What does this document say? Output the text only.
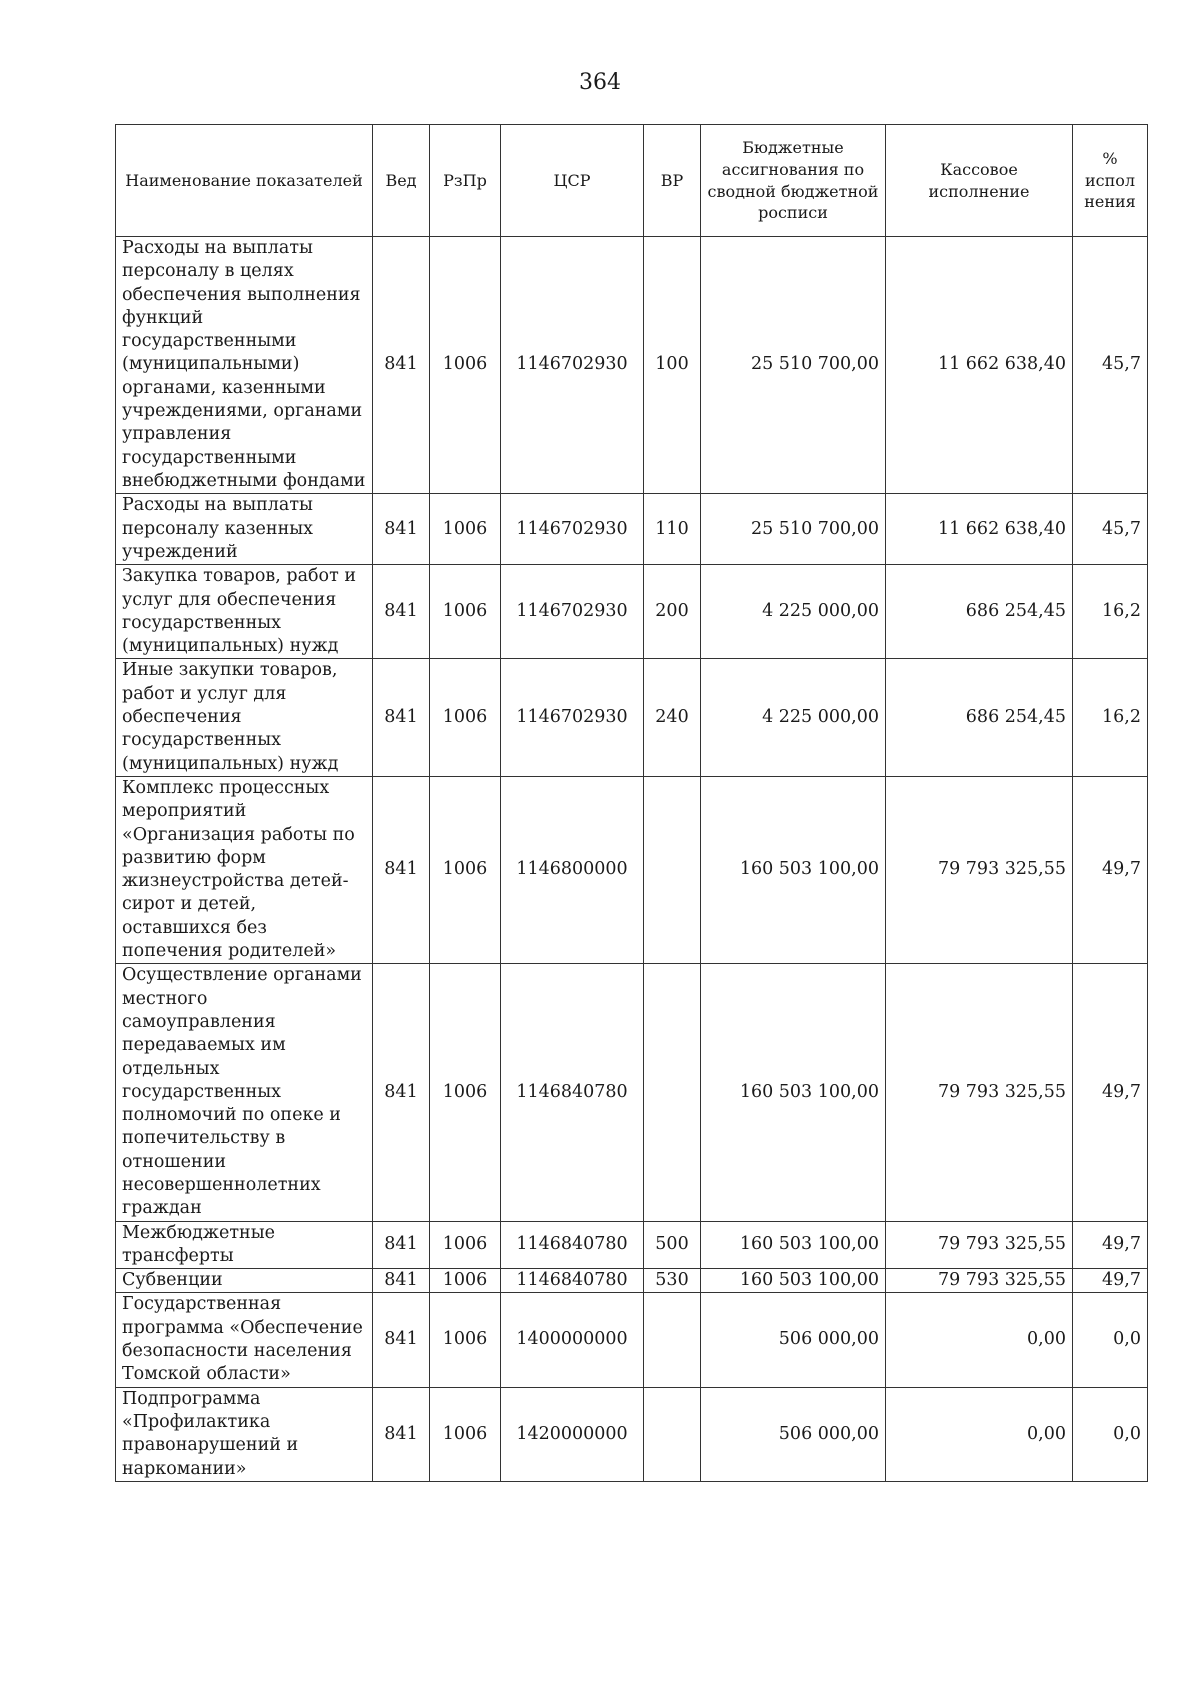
364
Наименование показателей	Вед	РзПр	ЦСР	ВР	Бюджетные ассигнования по сводной бюджетной росписи	Кассовое исполнение	% испол нения
Расходы на выплаты персоналу в целях обеспечения выполнения функций государственными (муниципальными) органами, казенными учреждениями, органами управления государственными внебюджетными фондами	841	1006	1146702930	100	25 510 700,00	11 662 638,40	45,7
Расходы на выплаты персоналу казенных учреждений	841	1006	1146702930	110	25 510 700,00	11 662 638,40	45,7
Закупка товаров, работ и услуг для обеспечения государственных (муниципальных) нужд	841	1006	1146702930	200	4 225 000,00	686 254,45	16,2
Иные закупки товаров, работ и услуг для обеспечения государственных (муниципальных) нужд	841	1006	1146702930	240	4 225 000,00	686 254,45	16,2
Комплекс процессных мероприятий «Организация работы по развитию форм жизнеустройства детей-сирот и детей, оставшихся без попечения родителей»	841	1006	1146800000		160 503 100,00	79 793 325,55	49,7
Осуществление органами местного самоуправления передаваемых им отдельных государственных полномочий по опеке и попечительству в отношении несовершеннолетних граждан	841	1006	1146840780		160 503 100,00	79 793 325,55	49,7
Межбюджетные трансферты	841	1006	1146840780	500	160 503 100,00	79 793 325,55	49,7
Субвенции	841	1006	1146840780	530	160 503 100,00	79 793 325,55	49,7
Государственная программа «Обеспечение безопасности населения Томской области»	841	1006	1400000000		506 000,00	0,00	0,0
Подпрограмма «Профилактика правонарушений и наркомании»	841	1006	1420000000		506 000,00	0,00	0,0
